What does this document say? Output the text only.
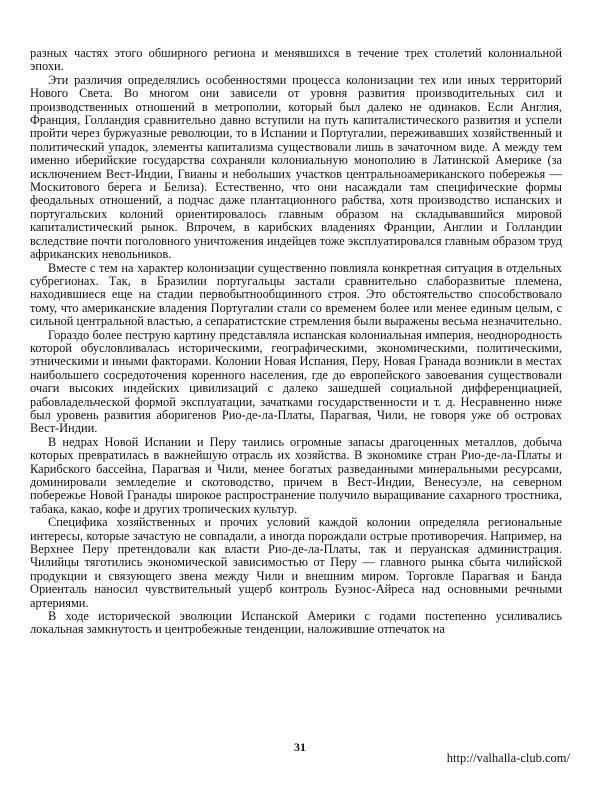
разных частях этого обширного региона и менявшихся в течение трех столетий колониальной эпохи.

Эти различия определялись особенностями процесса колонизации тех или иных территорий Нового Света. Во многом они зависели от уровня развития производительных сил и производственных отношений в метрополии, который был далеко не одинаков. Если Англия, Франция, Голландия сравнительно давно вступили на путь капиталистического развития и успели пройти через буржуазные революции, то в Испании и Португалии, переживавших хозяйственный и политический упадок, элементы капитализма существовали лишь в зачаточном виде. А между тем именно иберийские государства сохраняли колониальную монополию в Латинской Америке (за исключением Вест-Индии, Гвианы и небольших участков центральноамериканского побережья — Москитового берега и Белиза). Естественно, что они насаждали там специфические формы феодальных отношений, а подчас даже плантационного рабства, хотя производство испанских и португальских колоний ориентировалось главным образом на складывавшийся мировой капиталистический рынок. Впрочем, в карибских владениях Франции, Англии и Голландии вследствие почти поголовного уничтожения индейцев тоже эксплуатировался главным образом труд африканских невольников.

Вместе с тем на характер колонизации существенно повлияла конкретная ситуация в отдельных субрегионах. Так, в Бразилии португальцы застали сравнительно слаборазвитые племена, находившиеся еще на стадии первобытнообщинного строя. Это обстоятельство способствовало тому, что американские владения Португалии стали со временем более или менее единым целым, с сильной центральной властью, а сепаратистские стремления были выражены весьма незначительно.

Гораздо более пеструю картину представляла испанская колониальная империя, неоднородность которой обусловливалась историческими, географическими, экономическими, политическими, этническими и иными факторами. Колонии Новая Испания, Перу, Новая Гранада возникли в местах наибольшего сосредоточения коренного населения, где до европейского завоевания существовали очаги высоких индейских цивилизаций с далеко зашедшей социальной дифференциацией, рабовладельческой формой эксплуатации, зачатками государственности и т. д. Несравненно ниже был уровень развития аборигенов Рио-де-ла-Платы, Парагвая, Чили, не говоря уже об островах Вест-Индии.

В недрах Новой Испании и Перу таились огромные запасы драгоценных металлов, добыча которых превратилась в важнейшую отрасль их хозяйства. В экономике стран Рио-де-ла-Платы и Карибского бассейна, Парагвая и Чили, менее богатых разведанными минеральными ресурсами, доминировали земледелие и скотоводство, причем в Вест-Индии, Венесуэле, на северном побережье Новой Гранады широкое распространение получило выращивание сахарного тростника, табака, какао, кофе и других тропических культур.

Специфика хозяйственных и прочих условий каждой колонии определяла региональные интересы, которые зачастую не совпадали, а иногда порождали острые противоречия. Например, на Верхнее Перу претендовали как власти Рио-де-ла-Платы, так и перуанская администрация. Чилийцы тяготились экономической зависимостью от Перу — главного рынка сбыта чилийской продукции и связующего звена между Чили и внешним миром. Торговле Парагвая и Банда Ориенталь наносил чувствительный ущерб контроль Буэнос-Айреса над основными речными артериями.

В ходе исторической эволюции Испанской Америки с годами постепенно усиливались локальная замкнутость и центробежные тенденции, наложившие отпечаток на

31
http://valhalla-club.com/
